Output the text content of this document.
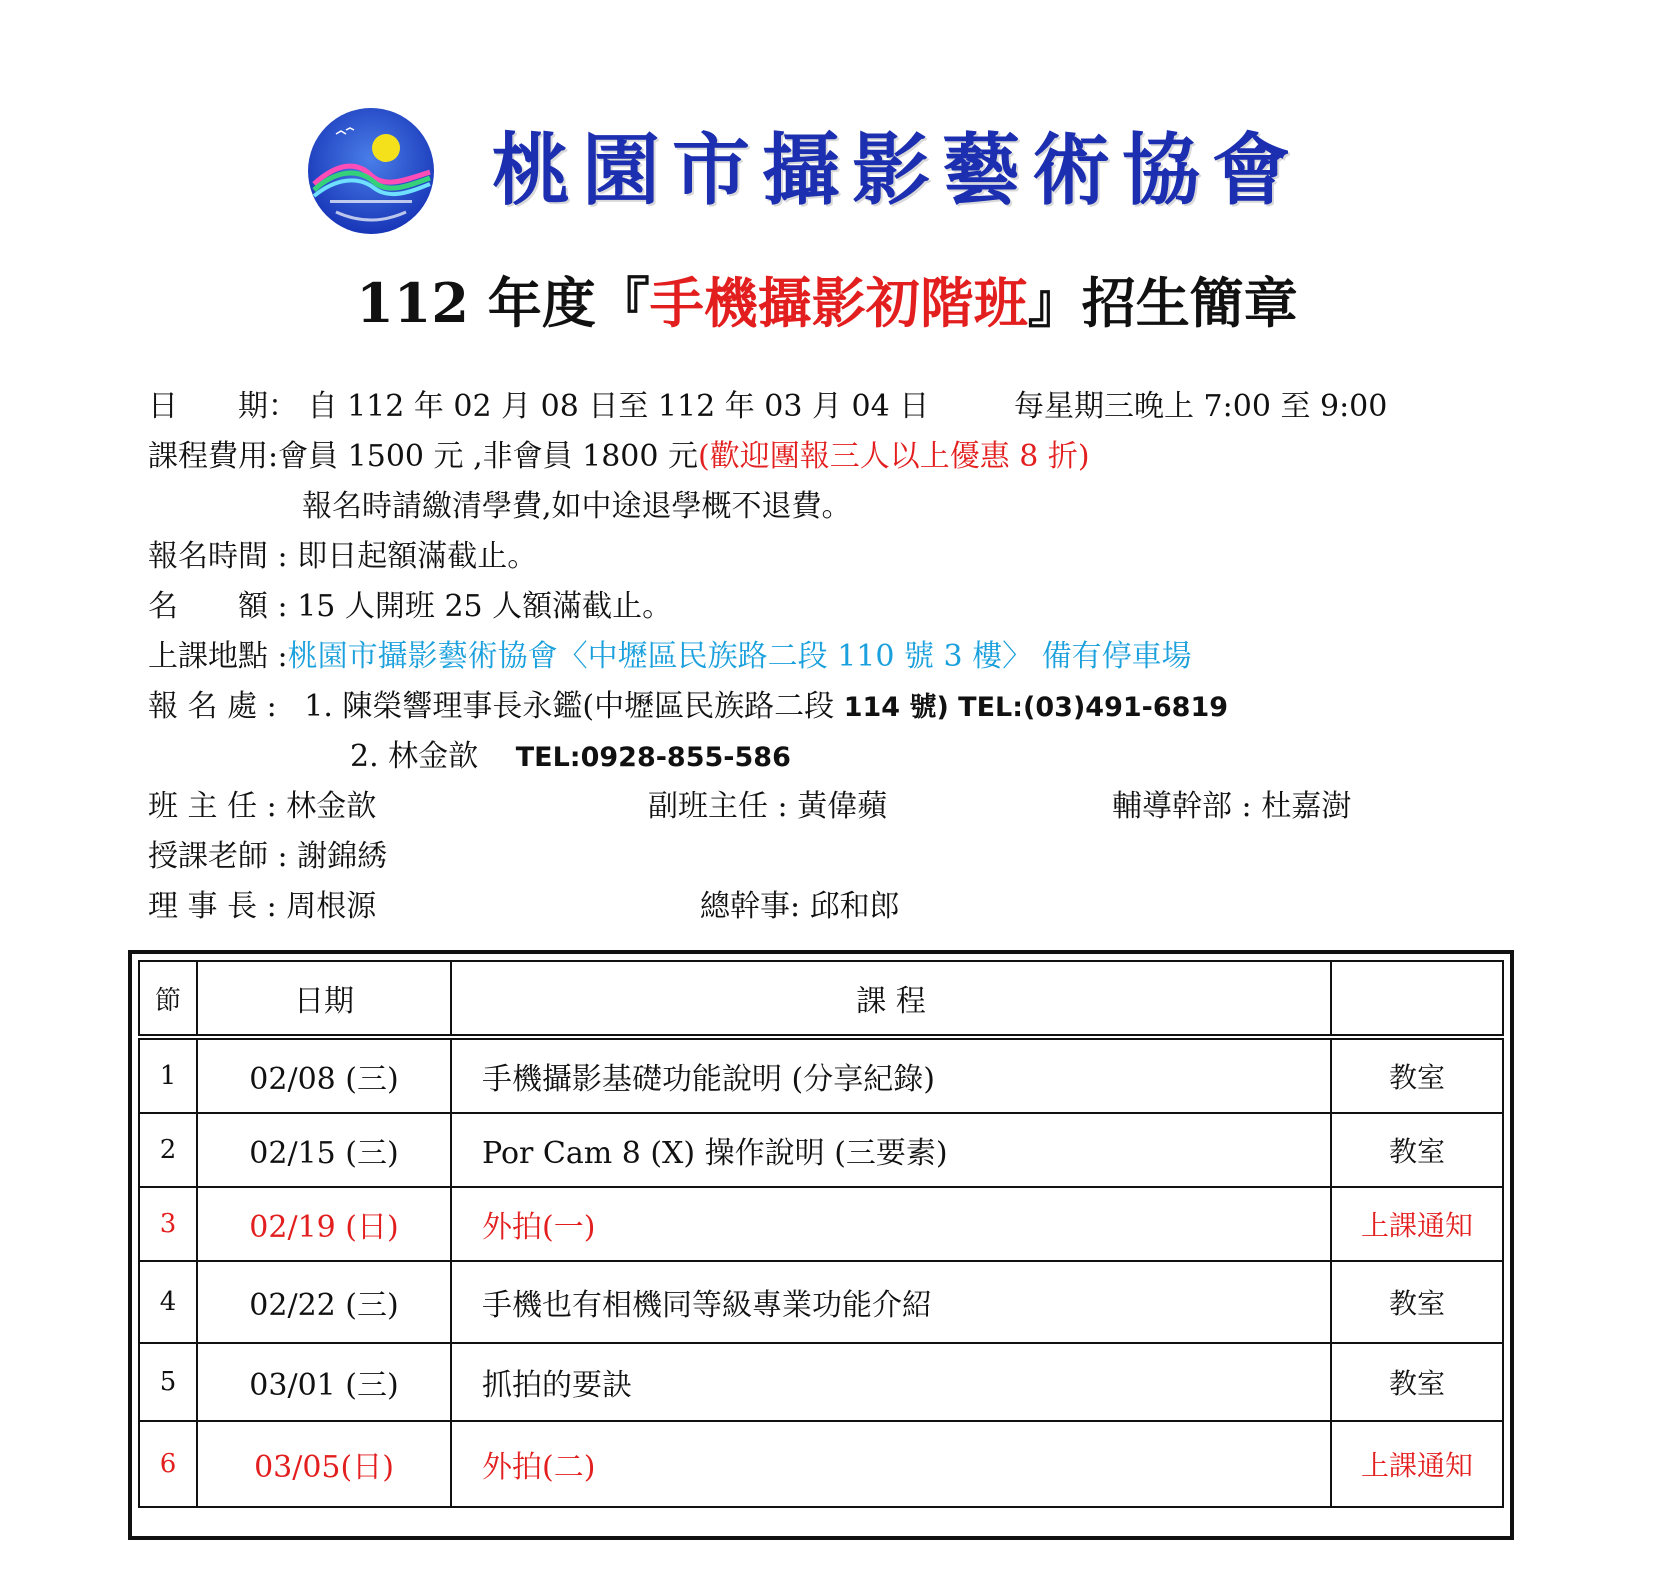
桃園市攝影藝術協會
112 年度『手機攝影初階班』招生簡章
日　　期： 自 112 年 02 月 08 日至 112 年 03 月 04 日	每星期三晚上 7:00 至 9:00
課程費用:會員 1500 元 ,非會員 1800 元(歡迎團報三人以上優惠 8 折)
報名時請繳清學費,如中途退學概不退費。
報名時間 : 即日起額滿截止。
名　　額 : 15 人開班 25 人額滿截止。
上課地點 :桃園市攝影藝術協會〈中壢區民族路二段 110 號 3 樓〉 備有停車場
報 名 處 : 1. 陳榮響理事長永鑑(中壢區民族路二段 114 號) TEL:(03)491-6819
2. 林金歆 TEL:0928-855-586
班 主 任 : 林金歆	副班主任 : 黃偉蘋	輔導幹部 : 杜嘉澍
授課老師 : 謝錦綉
理 事 長 : 周根源	總幹事: 邱和郎
節	日期	課 程	
1	02/08 (三)	手機攝影基礎功能說明 (分享紀錄)	教室
2	02/15 (三)	Por Cam 8 (X) 操作說明 (三要素)	教室
3	02/19 (日)	外拍(一)	上課通知
4	02/22 (三)	手機也有相機同等級專業功能介紹	教室
5	03/01 (三)	抓拍的要訣	教室
6	03/05(日)	外拍(二)	上課通知
